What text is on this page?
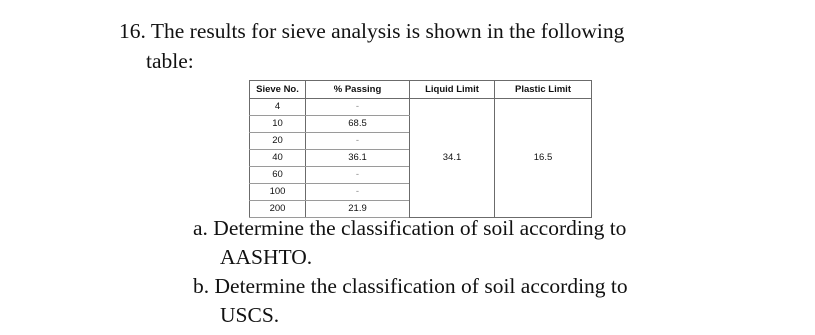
16. The results for sieve analysis is shown in the following
table:
Sieve No.	% Passing	Liquid Limit	Plastic Limit
4	-	34.1	16.5
10	68.5		
20	-		
40	36.1		
60	-		
100	-		
200	21.9		
a. Determine the classification of soil according to
AASHTO.
b. Determine the classification of soil according to
USCS.
